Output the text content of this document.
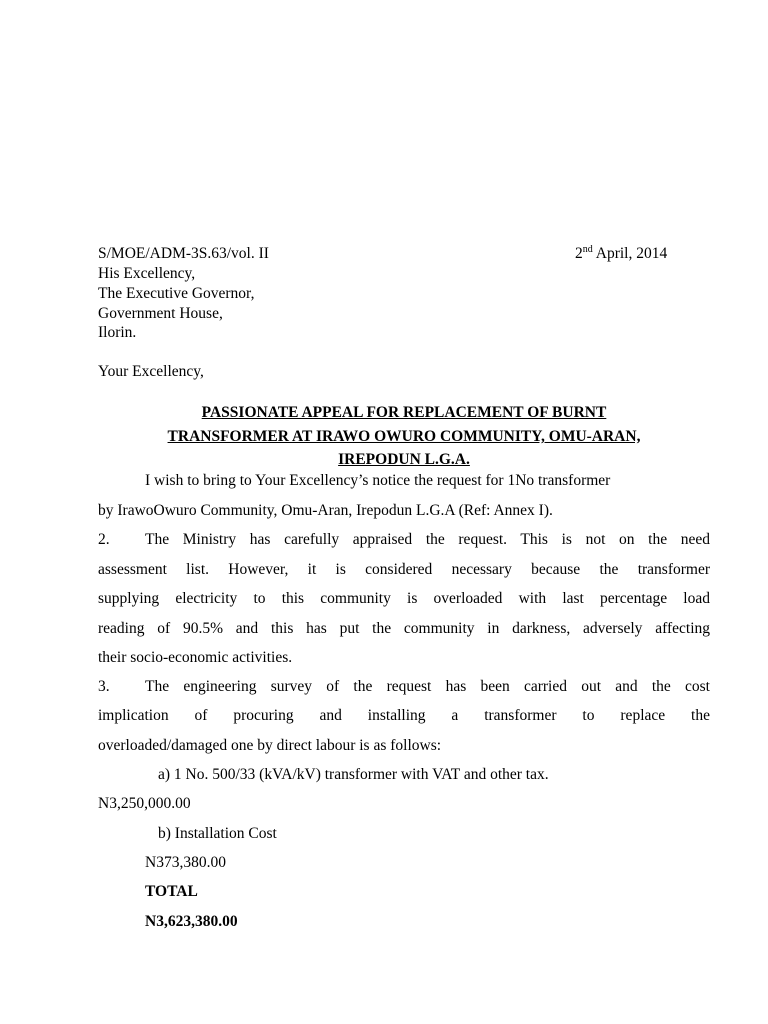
S/MOE/ADM-3S.63/vol. II	2nd April, 2014
His Excellency,
The Executive Governor,
Government House,
Ilorin.
Your Excellency,
PASSIONATE APPEAL FOR REPLACEMENT OF BURNT
TRANSFORMER AT IRAWO OWURO COMMUNITY, OMU-ARAN,
IREPODUN L.G.A.
I wish to bring to Your Excellency’s notice the request for 1No transformer
by IrawoOwuro Community, Omu-Aran, Irepodun L.G.A (Ref: Annex I).
2. The Ministry has carefully appraised the request. This is not on the need
assessment list. However, it is considered necessary because the transformer
supplying electricity to this community is overloaded with last percentage load
reading of 90.5% and this has put the community in darkness, adversely affecting
their socio-economic activities.
3. The engineering survey of the request has been carried out and the cost
implication of procuring and installing a transformer to replace the
overloaded/damaged one by direct labour is as follows:
a) 1 No. 500/33 (kVA/kV) transformer with VAT and other tax.
N3,250,000.00
b) Installation Cost
N373,380.00
TOTAL
N3,623,380.00
